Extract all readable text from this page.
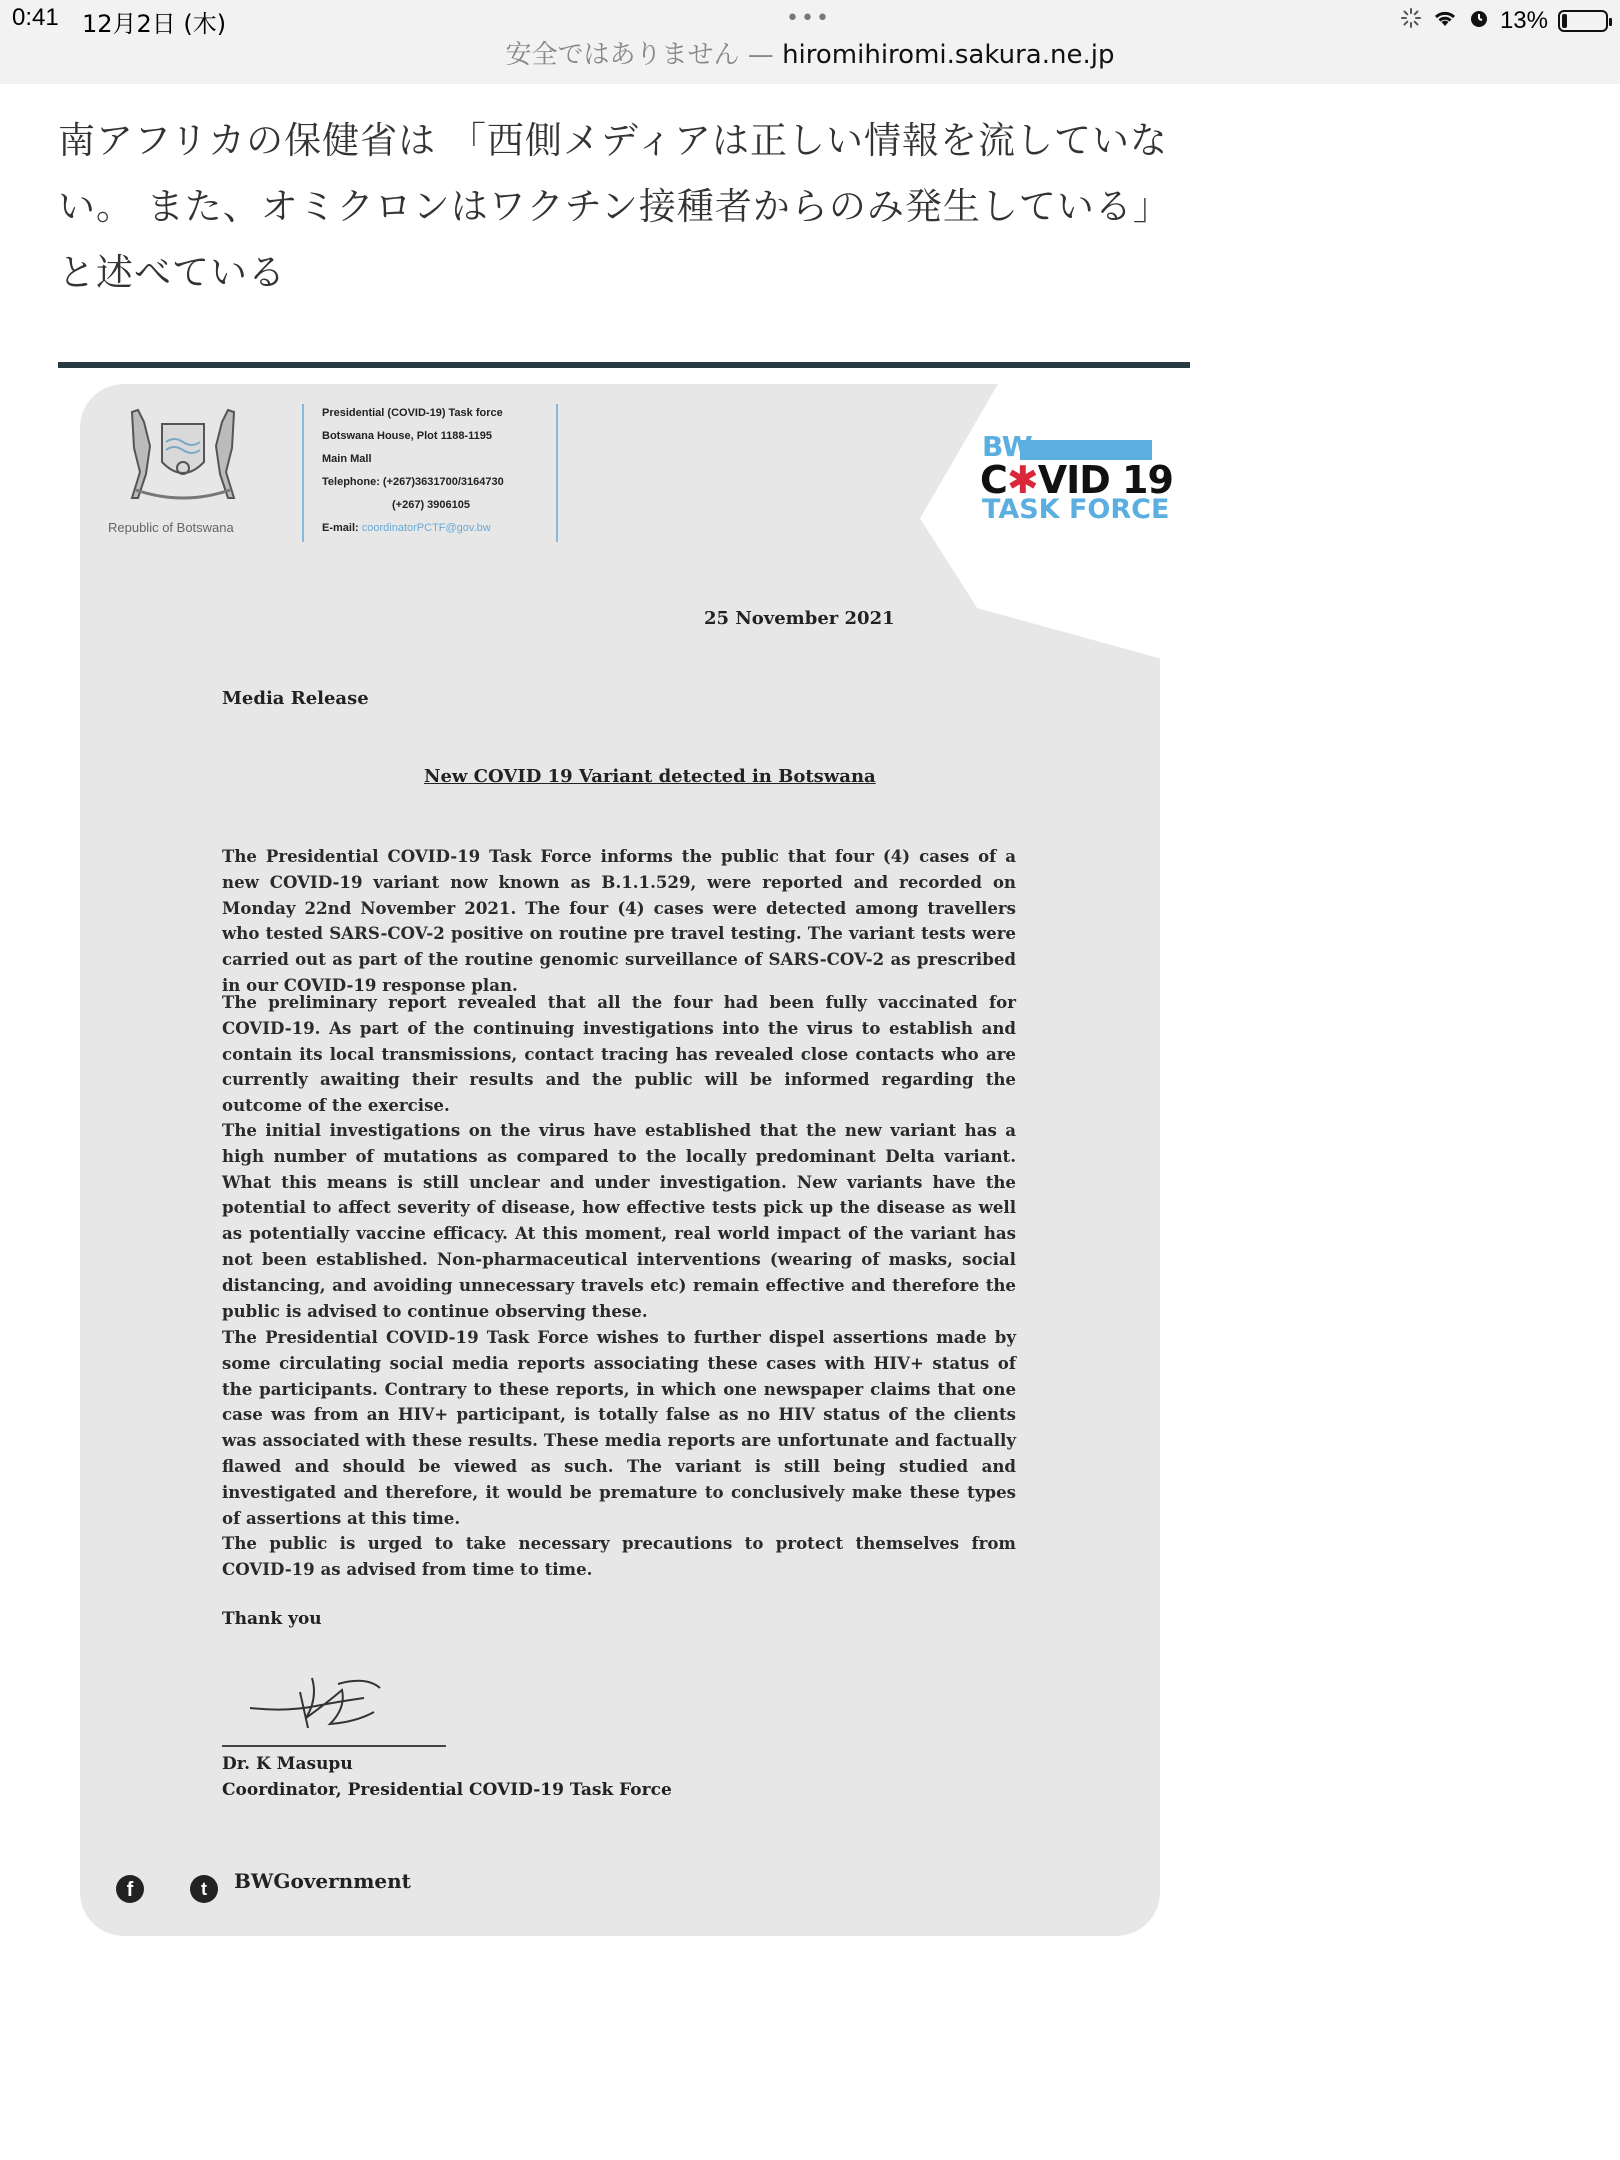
0:41 12月2日 (木)	•••
安全ではありません — hiromihiromi.sakura.ne.jp
13%
南アフリカの保健省は 「西側メディアは正しい情報を流していない。 また、オミクロンはワクチン接種者からのみ発生している」と述べている
Republic of Botswana
Presidential (COVID-19) Task force
Botswana House, Plot 1188-1195
Main Mall
Telephone: (+267)3631700/3164730
(+267) 3906105
E-mail: coordinatorPCTF@gov.bw
BW
C✱VID 19
TASK FORCE
25 November 2021
Media Release
New COVID 19 Variant detected in Botswana
The Presidential COVID-19 Task Force informs the public that four (4) cases of a new COVID-19 variant now known as B.1.1.529, were reported and recorded on Monday 22nd November 2021. The four (4) cases were detected among travellers who tested SARS-COV-2 positive on routine pre travel testing. The variant tests were carried out as part of the routine genomic surveillance of SARS-COV-2 as prescribed in our COVID-19 response plan.
The preliminary report revealed that all the four had been fully vaccinated for COVID-19. As part of the continuing investigations into the virus to establish and contain its local transmissions, contact tracing has revealed close contacts who are currently awaiting their results and the public will be informed regarding the outcome of the exercise.
The initial investigations on the virus have established that the new variant has a high number of mutations as compared to the locally predominant Delta variant. What this means is still unclear and under investigation. New variants have the potential to affect severity of disease, how effective tests pick up the disease as well as potentially vaccine efficacy. At this moment, real world impact of the variant has not been established. Non-pharmaceutical interventions (wearing of masks, social distancing, and avoiding unnecessary travels etc) remain effective and therefore the public is advised to continue observing these.
The Presidential COVID-19 Task Force wishes to further dispel assertions made by some circulating social media reports associating these cases with HIV+ status of the participants. Contrary to these reports, in which one newspaper claims that one case was from an HIV+ participant, is totally false as no HIV status of the clients was associated with these results. These media reports are unfortunate and factually flawed and should be viewed as such. The variant is still being studied and investigated and therefore, it would be premature to conclusively make these types of assertions at this time.
The public is urged to take necessary precautions to protect themselves from COVID-19 as advised from time to time.
Thank you
Dr. K Masupu
Coordinator, Presidential COVID-19 Task Force
f	t	BWGovernment
